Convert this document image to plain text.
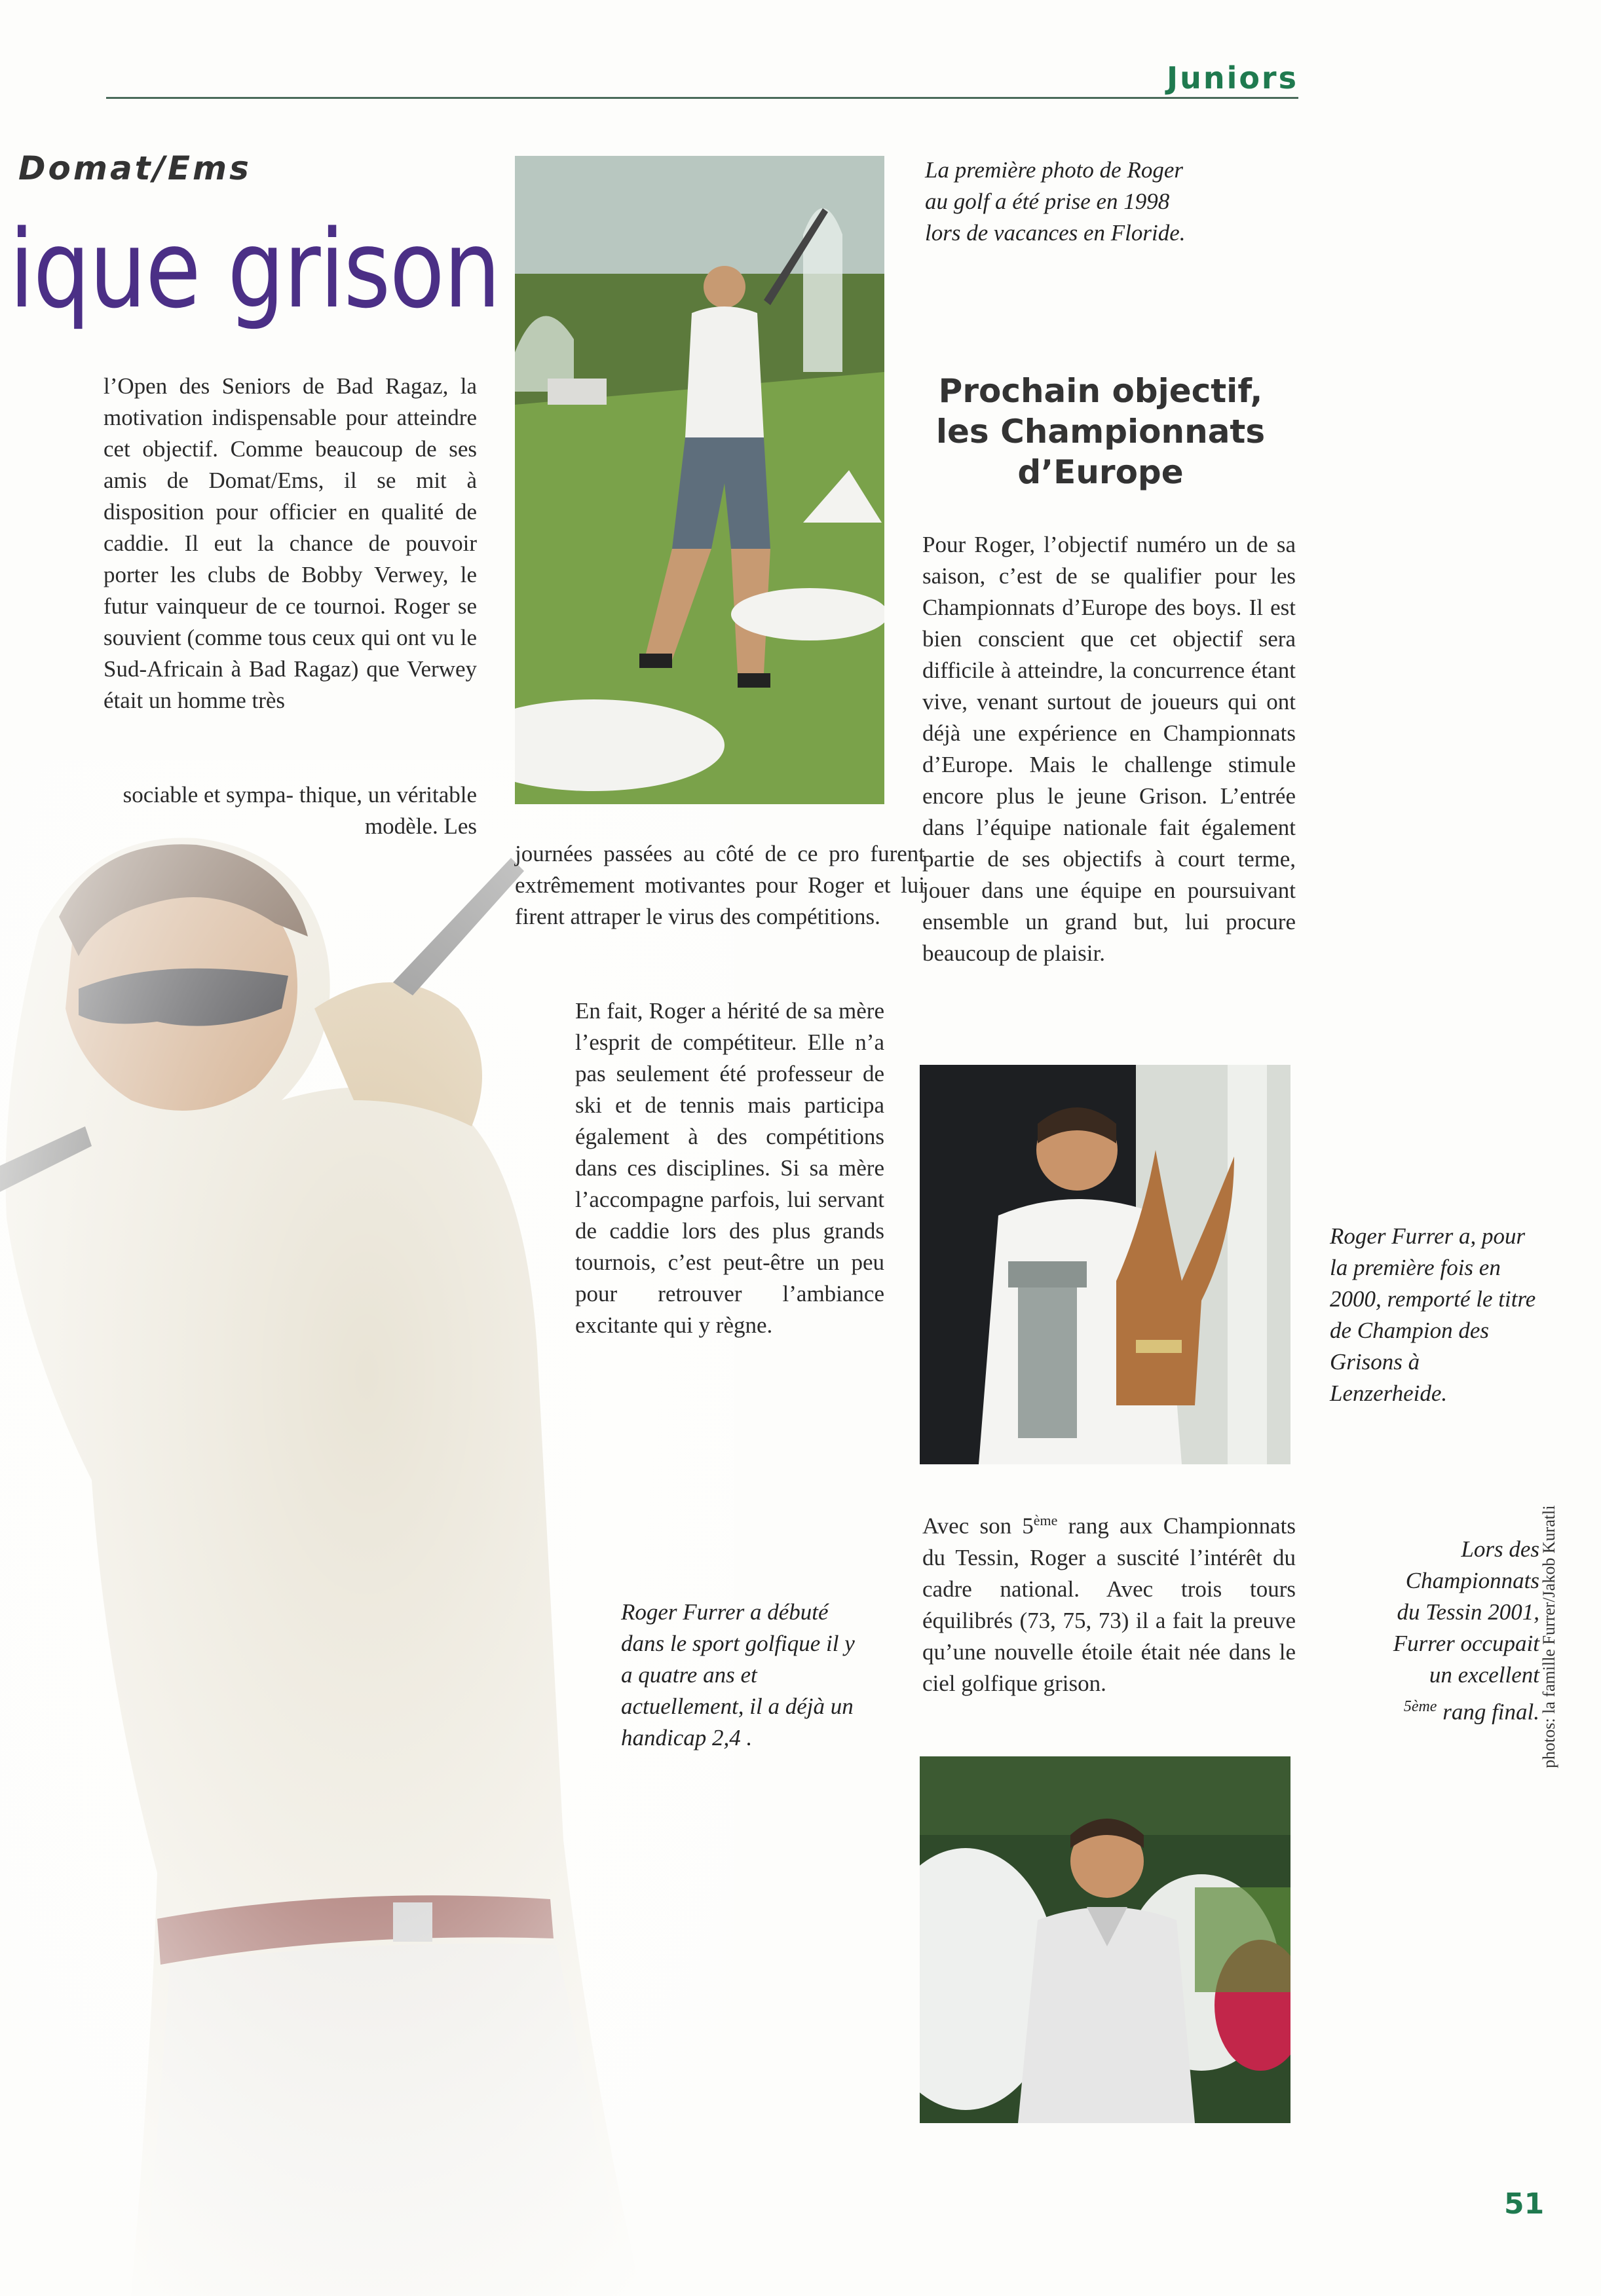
Juniors
Domat/Ems
ique grison
l’Open des Seniors de Bad Ragaz, la motivation indispensable pour atteindre cet objectif. Comme beaucoup de ses amis de Domat/Ems, il se mit à disposition pour officier en qualité de caddie. Il eut la chance de pouvoir porter les clubs de Bobby Verwey, le futur vainqueur de ce tournoi. Roger se souvient (comme tous ceux qui ont vu le Sud-Africain à Bad Ragaz) que Verwey était un homme très
sociable et sympa- thique, un véritable modèle. Les
journées passées au côté de ce pro furent extrêmement motivantes pour Roger et lui firent attraper le virus des compétitions.
En fait, Roger a hérité de sa mère l’esprit de compétiteur. Elle n’a pas seulement été professeur de ski et de tennis mais participa également à des compétitions dans ces disciplines. Si sa mère l’accompagne parfois, lui servant de caddie lors des plus grands tournois, c’est peut-être un peu pour retrouver l’ambiance excitante qui y règne.
La première photo de Roger au golf a été prise en 1998 lors de vacances en Floride.
Prochain objectif, les Championnats d’Europe
Pour Roger, l’objectif numéro un de sa saison, c’est de se qualifier pour les Championnats d’Europe des boys. Il est bien conscient que cet objectif sera difficile à atteindre, la concurrence étant vive, venant surtout de joueurs qui ont déjà une expérience en Championnats d’Europe. Mais le challenge stimule encore plus le jeune Grison. L’entrée dans l’équipe nationale fait également partie de ses objectifs à court terme, jouer dans une équipe en poursuivant ensemble un grand but, lui procure beaucoup de plaisir.
Roger Furrer a, pour la première fois en 2000, remporté le titre de Champion des Grisons à Lenzerheide.
Avec son 5ème rang aux Championnats du Tessin, Roger a suscité l’intérêt du cadre national. Avec trois tours équilibrés (73, 75, 73) il a fait la preuve qu’une nouvelle étoile était née dans le ciel golfique grison.
Lors des
Championnats
du Tessin 2001,
Furrer occupait
un excellent
$^{5ème}$ rang final.
Roger Furrer a débuté dans le sport golfique il y a quatre ans et actuellement, il a déjà un handicap 2,4 .	photos: la famille Furrer/Jakob Kuratli
51
